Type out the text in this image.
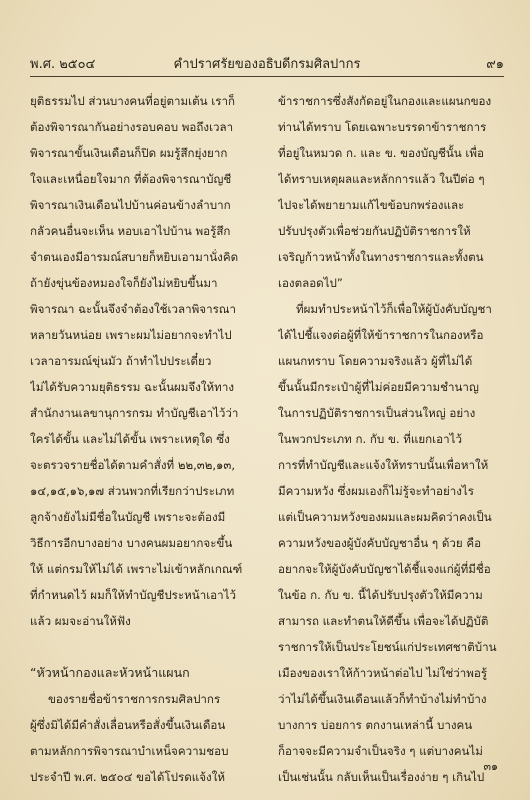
พ.ศ. ๒๕๐๔	คำปราศรัยของอธิบดีกรมศิลปากร	๙๑
ยุติธรรมไป ส่วนบางคนที่อยู่ตามเต้น เราก็
ต้องพิจารณากันอย่างรอบคอบ พอถึงเวลา
พิจารณาขั้นเงินเดือนก็ปิด ผมรู้สึกยุ่งยาก
ใจและเหนื่อยใจมาก ที่ต้องพิจารณาบัญชี
พิจารณาเงินเดือนไปบ้านค่อนข้างลำบาก
กลัวคนอื่นจะเห็น หอบเอาไปบ้าน พอรู้สึก
จำตนเองมีอารมณ์สบายก็หยิบเอามานั่งคิด
ถ้ายังขุ่นข้องหมองใจก็ยังไม่หยิบขึ้นมา
พิจารณา ฉะนั้นจึงจำต้องใช้เวลาพิจารณา
หลายวันหน่อย เพราะผมไม่อยากจะทำไป
เวลาอารมณ์ขุ่นมัว ถ้าทำไปประเดี๋ยว
ไม่ได้รับความยุติธรรม ฉะนั้นผมจึงให้ทาง
สำนักงานเลขานุการกรม ทำบัญชีเอาไว้ว่า
ใครได้ขั้น และไม่ได้ขั้น เพราะเหตุใด ซึ่ง
จะตรวจรายชื่อได้ตามคำสั่งที่ ๒๒,๓๒,๑๓,
๑๔,๑๕,๑๖,๑๗ ส่วนพวกที่เรียกว่าประเภท
ลูกจ้างยังไม่มีชื่อในบัญชี เพราะจะต้องมี
วิธีการอีกบางอย่าง บางคนผมอยากจะขึ้น
ให้ แต่กรมให้ไม่ได้ เพราะไม่เข้าหลักเกณฑ์
ที่กำหนดไว้ ผมก็ให้ทำบัญชีประหน้าเอาไว้
แล้ว ผมจะอ่านให้ฟัง
“หัวหน้ากองและหัวหน้าแผนก
ของรายชื่อข้าราชการกรมศิลปากร
ผู้ซึ่งมิได้มีคำสั่งเลื่อนหรือสั่งขึ้นเงินเดือน
ตามหลักการพิจารณาบำเหน็จความชอบ
ประจำปี พ.ศ. ๒๕๐๔ ขอได้โปรดแจ้งให้
ข้าราชการซึ่งสังกัดอยู่ในกองและแผนกของ
ท่านได้ทราบ โดยเฉพาะบรรดาข้าราชการ
ที่อยู่ในหมวด ก. และ ข. ของบัญชีนั้น เพื่อ
ได้ทราบเหตุผลและหลักการแล้ว ในปีต่อ ๆ
ไปจะได้พยายามแก้ไขข้อบกพร่องและ
ปรับปรุงตัวเพื่อช่วยกันปฏิบัติราชการให้
เจริญก้าวหน้าทั้งในทางราชการและทั้งตน
เองตลอดไป”
ที่ผมทำประหน้าไว้ก็เพื่อให้ผู้บังคับบัญชา
ได้ไปชี้แจงต่อผู้ที่ให้ข้าราชการในกองหรือ
แผนกทราบ โดยความจริงแล้ว ผู้ที่ไม่ได้
ขึ้นนั้นมีกระเป๋าผู้ที่ไม่ค่อยมีความชำนาญ
ในการปฏิบัติราชการเป็นส่วนใหญ่ อย่าง
ในพวกประเภท ก. กับ ข. ที่แยกเอาไว้
การที่ทำบัญชีและแจ้งให้ทราบนั้นเพื่อหาให้
มีความหวัง ซึ่งผมเองก็ไม่รู้จะทำอย่างไร
แต่เป็นความหวังของผมและผมคิดว่าคงเป็น
ความหวังของผู้บังคับบัญชาอื่น ๆ ด้วย คือ
อยากจะให้ผู้บังคับบัญชาได้ชี้แจงแก่ผู้ที่มีชื่อ
ในข้อ ก. กับ ข. นี้ได้ปรับปรุงตัวให้มีความ
สามารถ และทำตนให้ดีขึ้น เพื่อจะได้ปฏิบัติ
ราชการให้เป็นประโยชน์แก่ประเทศชาติบ้าน
เมืองของเราให้ก้าวหน้าต่อไป ไม่ใช่ว่าพอรู้
ว่าไม่ได้ขึ้นเงินเดือนแล้วก็ทำบ้างไม่ทำบ้าง
บางการ บ่อยการ ตกงานเหล่านี้ บางคน
ก็อาจจะมีความจำเป็นจริง ๆ แต่บางคนไม่
เป็นเช่นนั้น กลับเห็นเป็นเรื่องง่าย ๆ เกินไป
๓๑
